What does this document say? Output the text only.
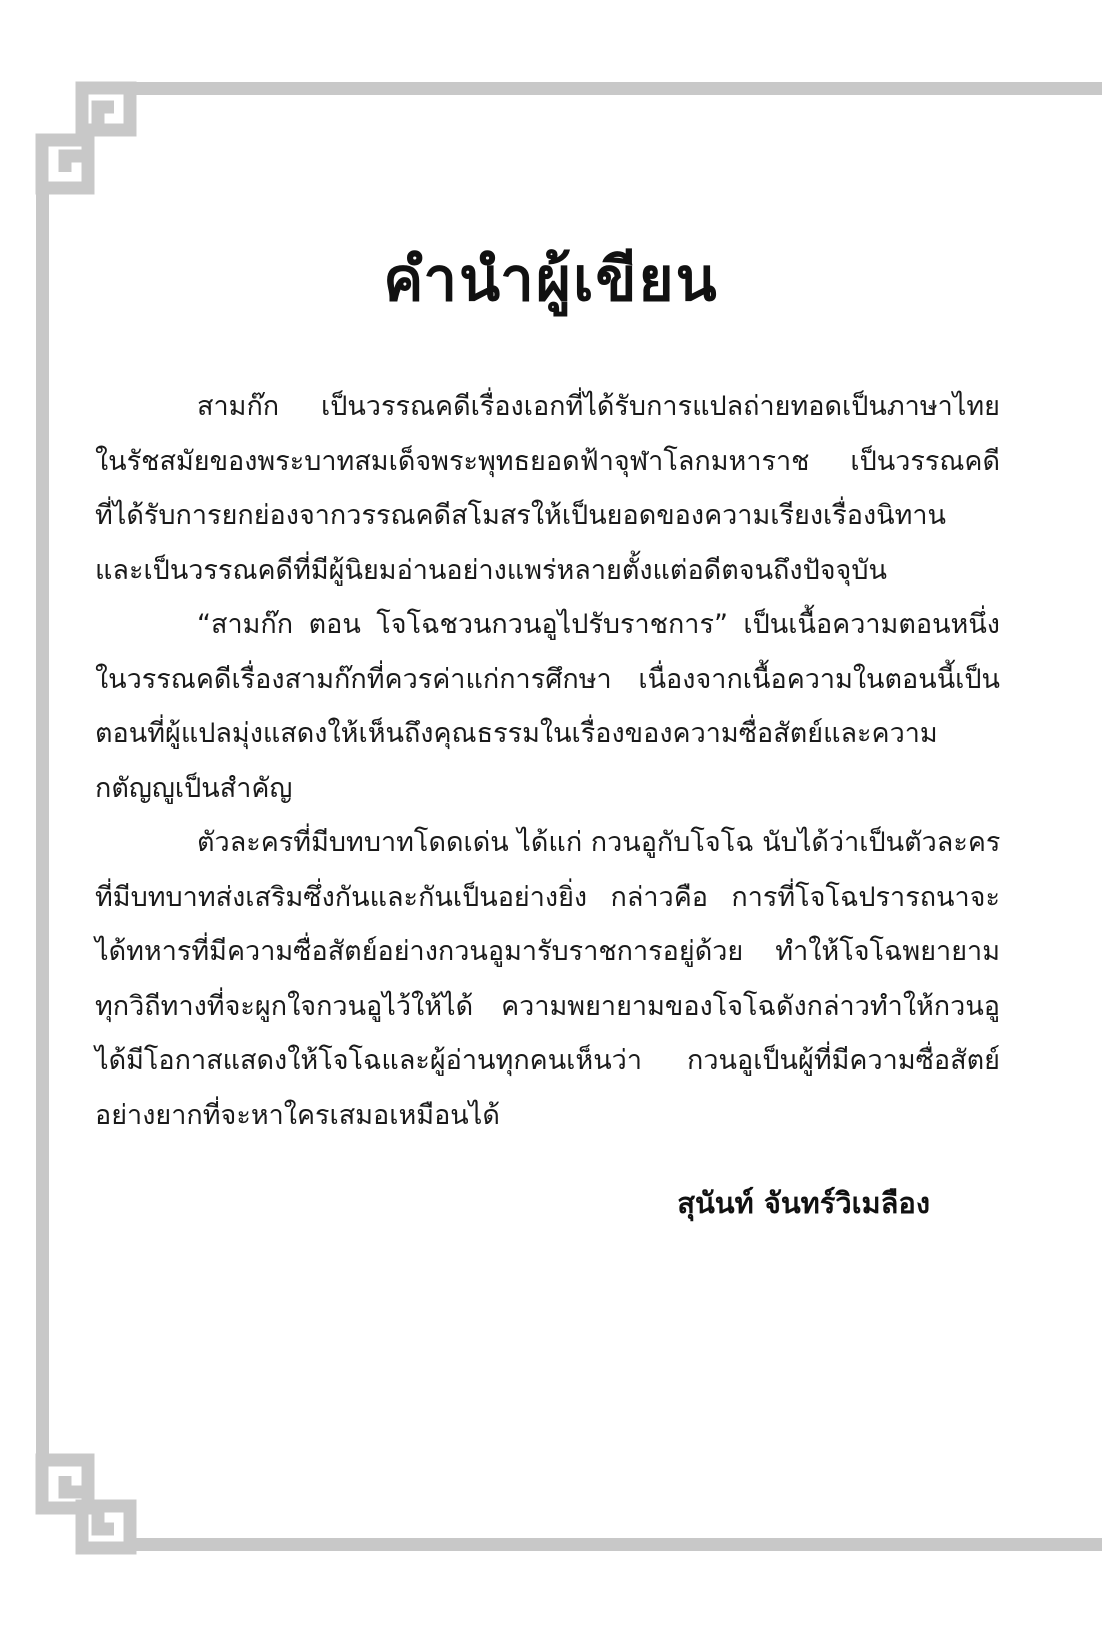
คำนำผู้เขียน

สามก๊ก เป็นวรรณคดีเรื่องเอกที่ได้รับการแปลถ่ายทอดเป็นภาษาไทย

ในรัชสมัยของพระบาทสมเด็จพระพุทธยอดฟ้าจุฬาโลกมหาราช เป็นวรรณคดี

ที่ได้รับการยกย่องจากวรรณคดีสโมสรให้เป็นยอดของความเรียงเรื่องนิทาน

และเป็นวรรณคดีที่มีผู้นิยมอ่านอย่างแพร่หลายตั้งแต่อดีตจนถึงปัจจุบัน

“สามก๊ก ตอน โจโฉชวนกวนอูไปรับราชการ” เป็นเนื้อความตอนหนึ่ง

ในวรรณคดีเรื่องสามก๊กที่ควรค่าแก่การศึกษา เนื่องจากเนื้อความในตอนนี้เป็น

ตอนที่ผู้แปลมุ่งแสดงให้เห็นถึงคุณธรรมในเรื่องของความซื่อสัตย์และความ

กตัญญูเป็นสำคัญ

ตัวละครที่มีบทบาทโดดเด่น ได้แก่ กวนอูกับโจโฉ นับได้ว่าเป็นตัวละคร

ที่มีบทบาทส่งเสริมซึ่งกันและกันเป็นอย่างยิ่ง กล่าวคือ การที่โจโฉปรารถนาจะ

ได้ทหารที่มีความซื่อสัตย์อย่างกวนอูมารับราชการอยู่ด้วย ทำให้โจโฉพยายาม

ทุกวิถีทางที่จะผูกใจกวนอูไว้ให้ได้ ความพยายามของโจโฉดังกล่าวทำให้กวนอู

ได้มีโอกาสแสดงให้โจโฉและผู้อ่านทุกคนเห็นว่า กวนอูเป็นผู้ที่มีความซื่อสัตย์

อย่างยากที่จะหาใครเสมอเหมือนได้

สุนันท์ จันทร์วิเมลือง
